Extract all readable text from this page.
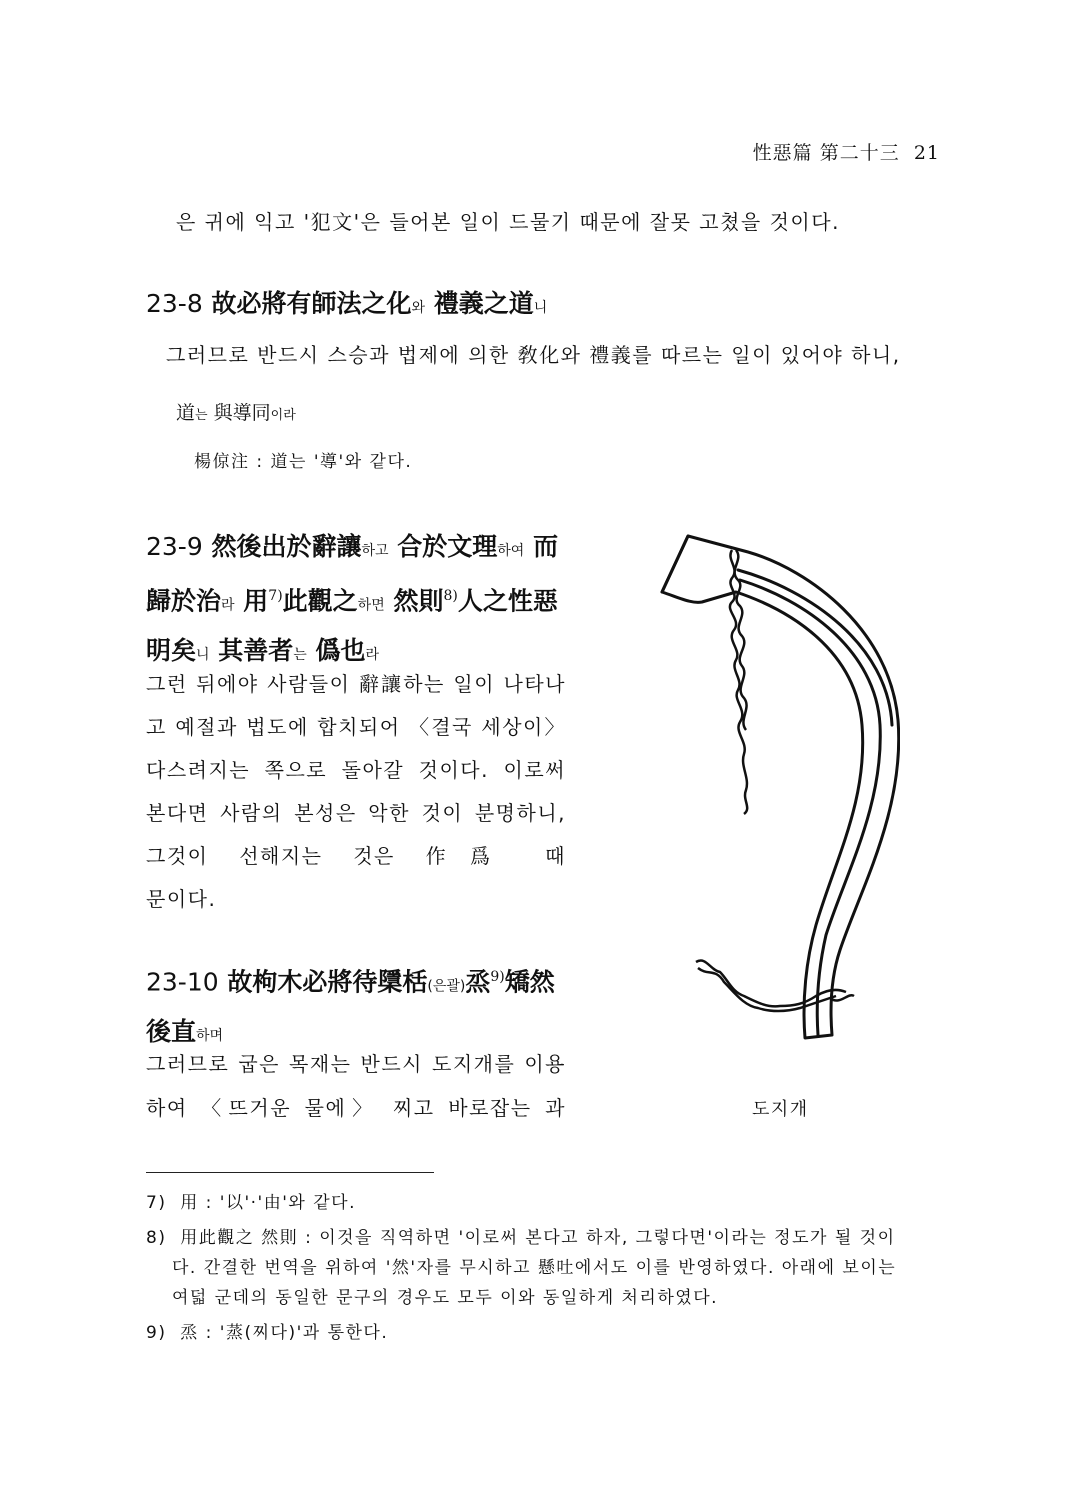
性惡篇 第二十三 21
은 귀에 익고 '犯文'은 들어본 일이 드물기 때문에 잘못 고쳤을 것이다.
23-8 故必將有師法之化와 禮義之道니
그러므로 반드시 스승과 법제에 의한 敎化와 禮義를 따르는 일이 있어야 하니,
道는 與導同이라
楊倞注 : 道는 '導'와 같다.
23-9 然後出於辭讓하고 合於文理하여 而歸於治라 用$^{7)}$此觀之하면 然則$^{8)}$人之性惡明矣니 其善者는 僞也라
그런 뒤에야 사람들이 辭讓하는 일이 나타나고 예절과 법도에 합치되어 〈결국 세상이〉 다스려지는 쪽으로 돌아갈 것이다. 이로써 본다면 사람의 본성은 악한 것이 분명하니, 그것이 선해지는 것은 作爲 때
문이다.
23-10 故枸木必將待檃栝(은괄)烝$^{9)}$矯然後直하며
그러므로 굽은 목재는 반드시 도지개를 이용하여 〈뜨거운 물에〉 찌고 바로잡는 과	도지개
7) 用 : '以'·'由'와 같다.
8) 用此觀之 然則 : 이것을 직역하면 '이로써 본다고 하자, 그렇다면'이라는 정도가 될 것이
다. 간결한 번역을 위하여 '然'자를 무시하고 懸吐에서도 이를 반영하였다. 아래에 보이는
여덟 군데의 동일한 문구의 경우도 모두 이와 동일하게 처리하였다.
9) 烝 : '蒸(찌다)'과 통한다.
